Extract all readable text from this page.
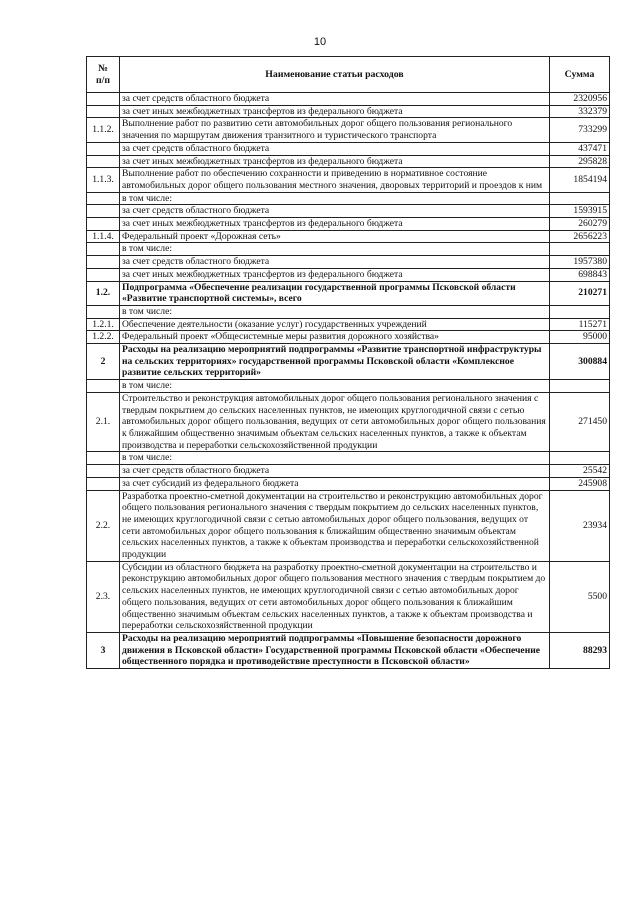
10
№
п/п	Наименование статьи расходов	Сумма
	за счет средств областного бюджета	2320956
	за счет иных межбюджетных трансфертов из федерального бюджета	332379
1.1.2.	Выполнение работ по развитию сети автомобильных дорог общего пользования регионального значения по маршрутам движения транзитного и туристического транспорта	733299
	за счет средств областного бюджета	437471
	за счет иных межбюджетных трансфертов из федерального бюджета	295828
1.1.3.	Выполнение работ по обеспечению сохранности и приведению в нормативное состояние автомобильных дорог общего пользования местного значения, дворовых территорий и проездов к ним	1854194
	в том числе:	
	за счет средств областного бюджета	1593915
	за счет иных межбюджетных трансфертов из федерального бюджета	260279
1.1.4.	Федеральный проект «Дорожная сеть»	2656223
	в том числе:	
	за счет средств областного бюджета	1957380
	за счет иных межбюджетных трансфертов из федерального бюджета	698843
1.2.	Подпрограмма «Обеспечение реализации государственной программы Псковской области «Развитие транспортной системы», всего	210271
	в том числе:	
1.2.1.	Обеспечение деятельности (оказание услуг) государственных учреждений	115271
1.2.2.	Федеральный проект «Общесистемные меры развития дорожного хозяйства»	95000
2	Расходы на реализацию мероприятий подпрограммы «Развитие транспортной инфраструктуры на сельских территориях» государственной программы Псковской области «Комплексное развитие сельских территорий»	300884
	в том числе:	
2.1.	Строительство и реконструкция автомобильных дорог общего пользования регионального значения с твердым покрытием до сельских населенных пунктов, не имеющих круглогодичной связи с сетью автомобильных дорог общего пользования, ведущих от сети автомобильных дорог общего пользования к ближайшим общественно значимым объектам сельских населенных пунктов, а также к объектам производства и переработки сельскохозяйственной продукции	271450
	в том числе:	
	за счет средств областного бюджета	25542
	за счет субсидий из федерального бюджета	245908
2.2.	Разработка проектно-сметной документации на строительство и реконструкцию автомобильных дорог общего пользования регионального значения с твердым покрытием до сельских населенных пунктов, не имеющих круглогодичной связи с сетью автомобильных дорог общего пользования, ведущих от сети автомобильных дорог общего пользования к ближайшим общественно значимым объектам сельских населенных пунктов, а также к объектам производства и переработки сельскохозяйственной продукции	23934
2.3.	Субсидии из областного бюджета на разработку проектно-сметной документации на строительство и реконструкцию автомобильных дорог общего пользования местного значения с твердым покрытием до сельских населенных пунктов, не имеющих круглогодичной связи с сетью автомобильных дорог общего пользования, ведущих от сети автомобильных дорог общего пользования к ближайшим общественно значимым объектам сельских населенных пунктов, а также к объектам производства и переработки сельскохозяйственной продукции	5500
3	Расходы на реализацию мероприятий подпрограммы «Повышение безопасности дорожного движения в Псковской области» Государственной программы Псковской области «Обеспечение общественного порядка и противодействие преступности в Псковской области»	88293
